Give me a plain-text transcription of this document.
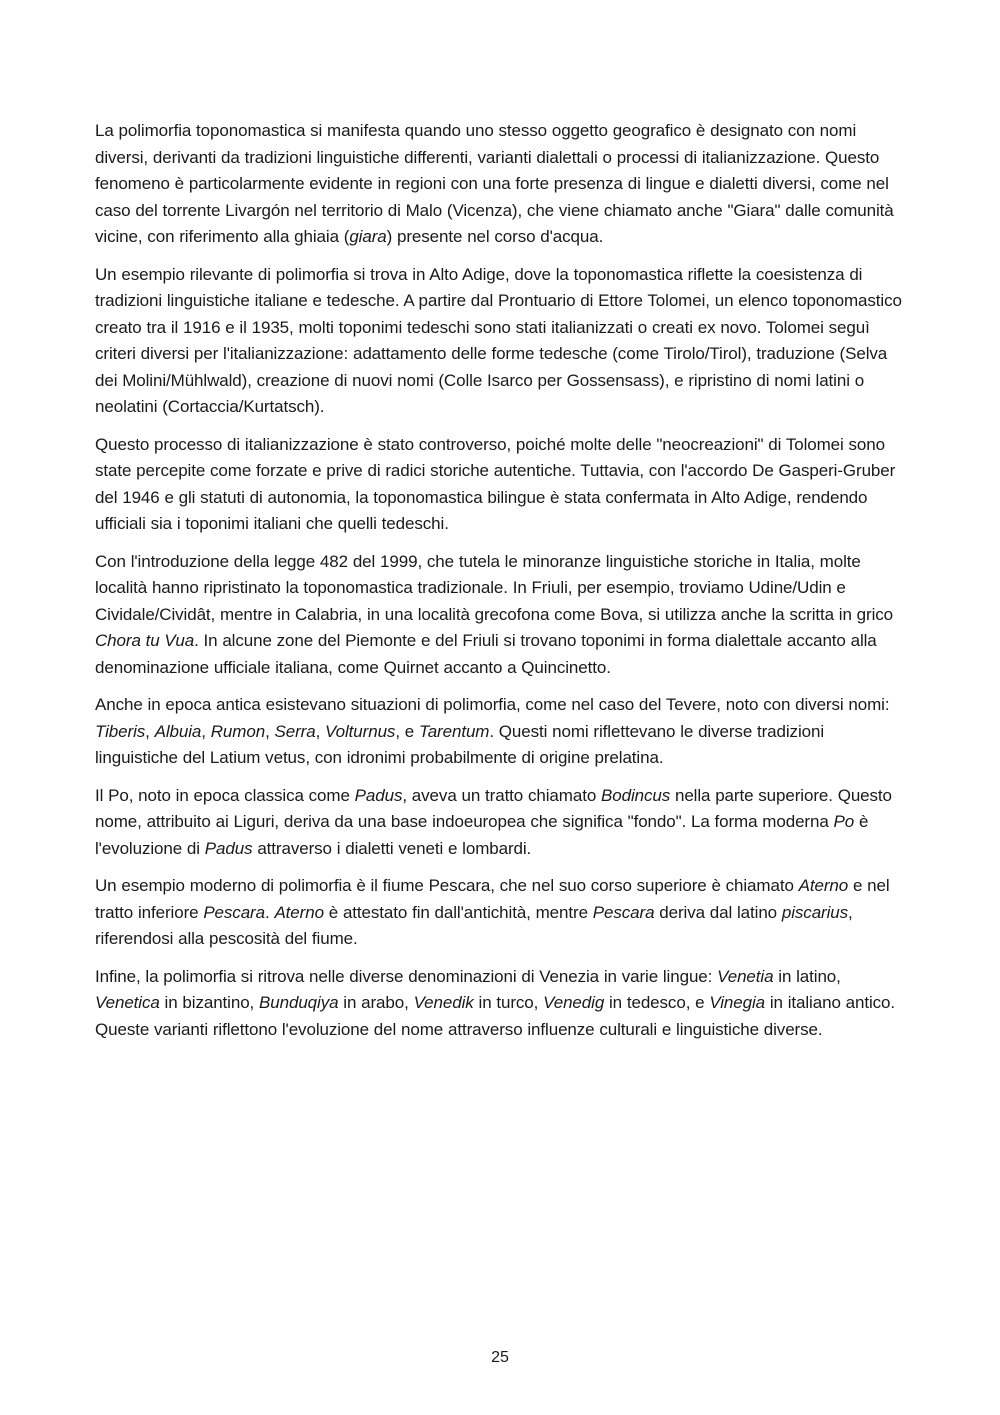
La polimorfia toponomastica si manifesta quando uno stesso oggetto geografico è designato con nomi diversi, derivanti da tradizioni linguistiche differenti, varianti dialettali o processi di italianizzazione. Questo fenomeno è particolarmente evidente in regioni con una forte presenza di lingue e dialetti diversi, come nel caso del torrente Livargón nel territorio di Malo (Vicenza), che viene chiamato anche "Giara" dalle comunità vicine, con riferimento alla ghiaia (giara) presente nel corso d'acqua.

Un esempio rilevante di polimorfia si trova in Alto Adige, dove la toponomastica riflette la coesistenza di tradizioni linguistiche italiane e tedesche. A partire dal Prontuario di Ettore Tolomei, un elenco toponomastico creato tra il 1916 e il 1935, molti toponimi tedeschi sono stati italianizzati o creati ex novo. Tolomei seguì criteri diversi per l'italianizzazione: adattamento delle forme tedesche (come Tirolo/Tirol), traduzione (Selva dei Molini/Mühlwald), creazione di nuovi nomi (Colle Isarco per Gossensass), e ripristino di nomi latini o neolatini (Cortaccia/Kurtatsch).

Questo processo di italianizzazione è stato controverso, poiché molte delle "neocreazioni" di Tolomei sono state percepite come forzate e prive di radici storiche autentiche. Tuttavia, con l'accordo De Gasperi-Gruber del 1946 e gli statuti di autonomia, la toponomastica bilingue è stata confermata in Alto Adige, rendendo ufficiali sia i toponimi italiani che quelli tedeschi.

Con l'introduzione della legge 482 del 1999, che tutela le minoranze linguistiche storiche in Italia, molte località hanno ripristinato la toponomastica tradizionale. In Friuli, per esempio, troviamo Udine/Udin e Cividale/Cividât, mentre in Calabria, in una località grecofona come Bova, si utilizza anche la scritta in grico Chora tu Vua. In alcune zone del Piemonte e del Friuli si trovano toponimi in forma dialettale accanto alla denominazione ufficiale italiana, come Quirnet accanto a Quincinetto.

Anche in epoca antica esistevano situazioni di polimorfia, come nel caso del Tevere, noto con diversi nomi: Tiberis, Albuia, Rumon, Serra, Volturnus, e Tarentum. Questi nomi riflettevano le diverse tradizioni linguistiche del Latium vetus, con idronimi probabilmente di origine prelatina.

Il Po, noto in epoca classica come Padus, aveva un tratto chiamato Bodincus nella parte superiore. Questo nome, attribuito ai Liguri, deriva da una base indoeuropea che significa "fondo". La forma moderna Po è l'evoluzione di Padus attraverso i dialetti veneti e lombardi.

Un esempio moderno di polimorfia è il fiume Pescara, che nel suo corso superiore è chiamato Aterno e nel tratto inferiore Pescara. Aterno è attestato fin dall'antichità, mentre Pescara deriva dal latino piscarius, riferendosi alla pescosità del fiume.

Infine, la polimorfia si ritrova nelle diverse denominazioni di Venezia in varie lingue: Venetia in latino, Venetica in bizantino, Bunduqiya in arabo, Venedik in turco, Venedig in tedesco, e Vinegia in italiano antico. Queste varianti riflettono l'evoluzione del nome attraverso influenze culturali e linguistiche diverse.

25
